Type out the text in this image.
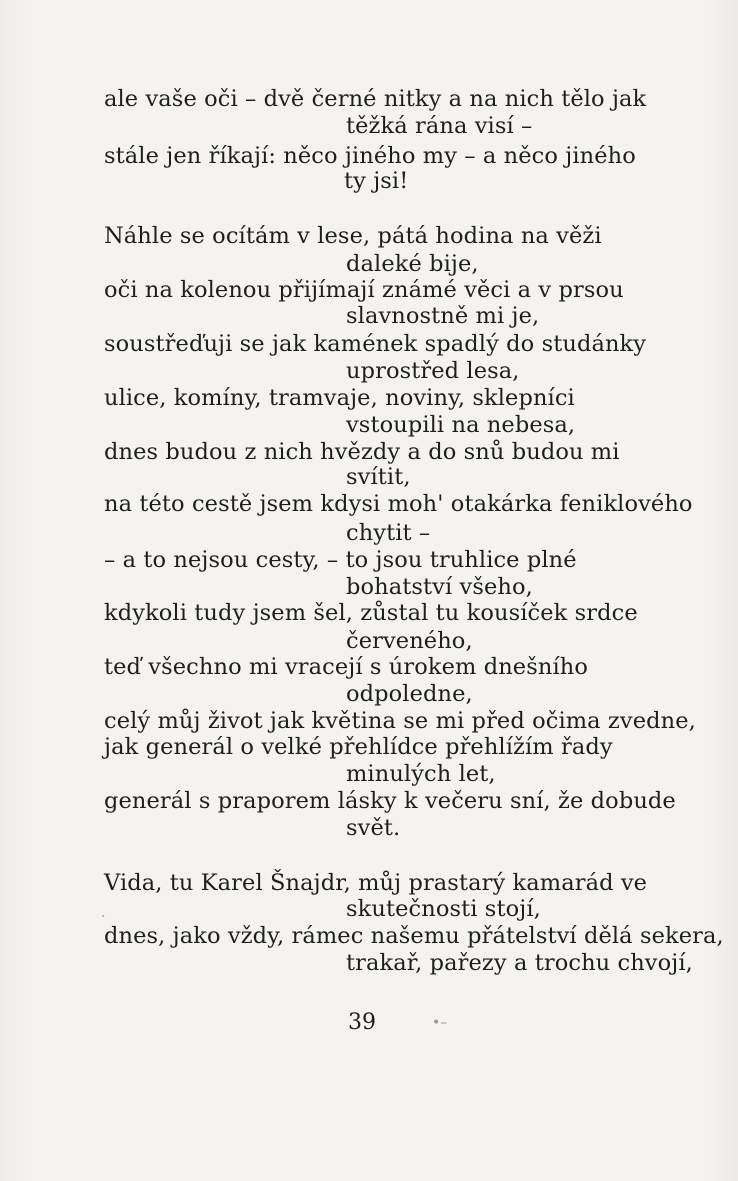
ale vaše oči – dvě černé nitky a na nich tělo jak
těžká rána visí –
stále jen říkají: něco jiného my – a něco jiného
ty jsi!
Náhle se ocítám v lese, pátá hodina na věži
daleké bije,
oči na kolenou přijímají známé věci a v prsou
slavnostně mi je,
soustřeďuji se jak kamének spadlý do studánky
uprostřed lesa,
ulice, komíny, tramvaje, noviny, sklepníci
vstoupili na nebesa,
dnes budou z nich hvězdy a do snů budou mi
svítit,
na této cestě jsem kdysi moh' otakárka feniklového
chytit –
– a to nejsou cesty, – to jsou truhlice plné
bohatství všeho,
kdykoli tudy jsem šel, zůstal tu kousíček srdce
červeného,
teď všechno mi vracejí s úrokem dnešního
odpoledne,
celý můj život jak květina se mi před očima zvedne,
jak generál o velké přehlídce přehlížím řady
minulých let,
generál s praporem lásky k večeru sní, že dobude
svět.
Vida, tu Karel Šnajdr, můj prastarý kamarád ve
skutečnosti stojí,
dnes, jako vždy, rámec našemu přátelství dělá sekera,
trakař, pařezy a trochu chvojí,
.
•–
39
